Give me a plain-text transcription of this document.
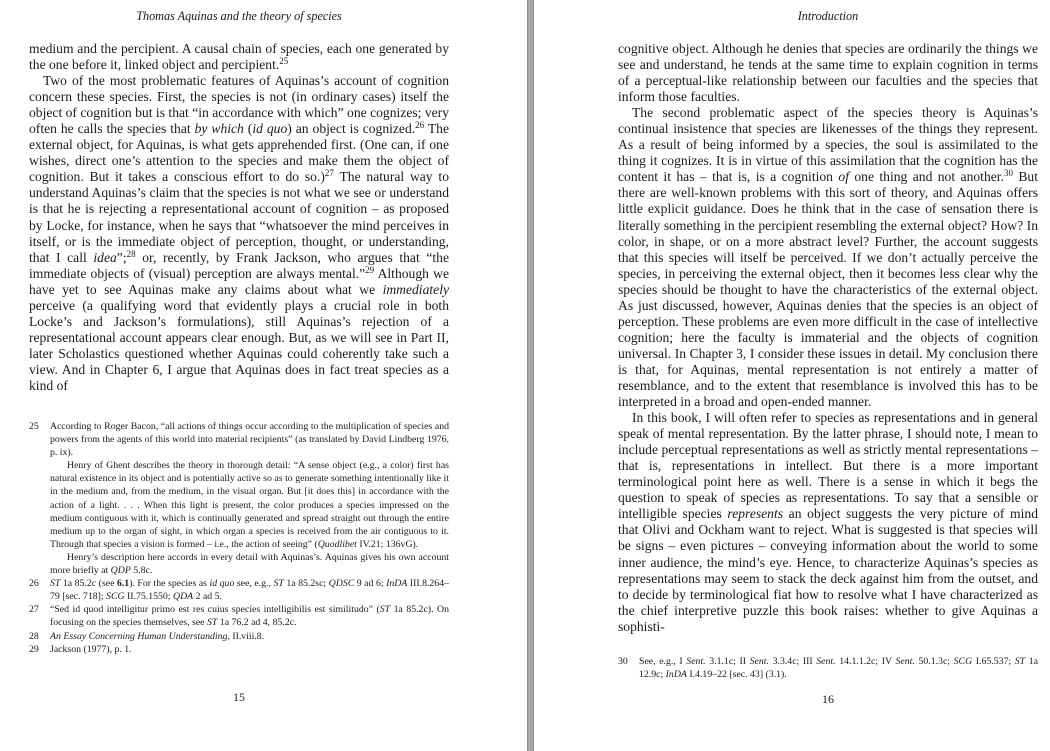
Thomas Aquinas and the theory of species

medium and the percipient. A causal chain of species, each one generated by the one before it, linked object and percipient.$^{25}$

Two of the most problematic features of Aquinas’s account of cognition concern these species. First, the species is not (in ordinary cases) itself the object of cognition but is that “in accordance with which” one cognizes; very often he calls the species that by which (id quo) an object is cognized.$^{26}$ The external object, for Aquinas, is what gets apprehended first. (One can, if one wishes, direct one’s attention to the species and make them the object of cognition. But it takes a conscious effort to do so.)$^{27}$ The natural way to understand Aquinas’s claim that the species is not what we see or understand is that he is rejecting a representational account of cognition – as proposed by Locke, for instance, when he says that “whatsoever the mind perceives in itself, or is the immediate object of perception, thought, or understanding, that I call idea”;$^{28}$ or, recently, by Frank Jackson, who argues that “the immediate objects of (visual) perception are always mental.”$^{29}$ Although we have yet to see Aquinas make any claims about what we immediately perceive (a qualifying word that evidently plays a crucial role in both Locke’s and Jackson’s formulations), still Aquinas’s rejection of a representational account appears clear enough. But, as we will see in Part II, later Scholastics questioned whether Aquinas could coherently take such a view. And in Chapter 6, I argue that Aquinas does in fact treat species as a kind of

25 According to Roger Bacon, “all actions of things occur according to the multiplication of species and powers from the agents of this world into material recipients” (as translated by David Lindberg 1976, p. ix).
Henry of Ghent describes the theory in thorough detail: “A sense object (e.g., a color) first has natural existence in its object and is potentially active so as to generate something intentionally like it in the medium and, from the medium, in the visual organ. But [it does this] in accordance with the action of a light. . . . When this light is present, the color produces a species impressed on the medium contiguous with it, which is continually generated and spread straight out through the entire medium up to the organ of sight, in which organ a species is received from the air contiguous to it. Through that species a vision is formed – i.e., the action of seeing” (Quodlibet IV.21; 136vG).
Henry’s description here accords in every detail with Aquinas’s. Aquinas gives his own account more briefly at QDP 5.8c.
26 ST 1a 85.2c (see 6.1). For the species as id quo see, e.g., ST 1a 85.2sc; QDSC 9 ad 6; InDA III.8.264–79 [sec. 718]; SCG II.75.1550; QDA 2 ad 5.
27 “Sed id quod intelligitur primo est res cuius species intelligibilis est similitudo” (ST 1a 85.2c). On focusing on the species themselves, see ST 1a 76.2 ad 4, 85.2c.
28 An Essay Concerning Human Understanding, II.viii.8.
29 Jackson (1977), p. 1.
15
Introduction

cognitive object. Although he denies that species are ordinarily the things we see and understand, he tends at the same time to explain cognition in terms of a perceptual-like relationship between our faculties and the species that inform those faculties.

The second problematic aspect of the species theory is Aquinas’s continual insistence that species are likenesses of the things they represent. As a result of being informed by a species, the soul is assimilated to the thing it cognizes. It is in virtue of this assimilation that the cognition has the content it has – that is, is a cognition of one thing and not another.$^{30}$ But there are well-known problems with this sort of theory, and Aquinas offers little explicit guidance. Does he think that in the case of sensation there is literally something in the percipient resembling the external object? How? In color, in shape, or on a more abstract level? Further, the account suggests that this species will itself be perceived. If we don’t actually perceive the species, in perceiving the external object, then it becomes less clear why the species should be thought to have the characteristics of the external object. As just discussed, however, Aquinas denies that the species is an object of perception. These problems are even more difficult in the case of intellective cognition; here the faculty is immaterial and the objects of cognition universal. In Chapter 3, I consider these issues in detail. My conclusion there is that, for Aquinas, mental representation is not entirely a matter of resemblance, and to the extent that resemblance is involved this has to be interpreted in a broad and open-ended manner.

In this book, I will often refer to species as representations and in general speak of mental representation. By the latter phrase, I should note, I mean to include perceptual representations as well as strictly mental representations – that is, representations in intellect. But there is a more important terminological point here as well. There is a sense in which it begs the question to speak of species as representations. To say that a sensible or intelligible species represents an object suggests the very picture of mind that Olivi and Ockham want to reject. What is suggested is that species will be signs – even pictures – conveying information about the world to some inner audience, the mind’s eye. Hence, to characterize Aquinas’s species as representations may seem to stack the deck against him from the outset, and to decide by terminological fiat how to resolve what I have characterized as the chief interpretive puzzle this book raises: whether to give Aquinas a sophisti-

30 See, e.g., I Sent. 3.1.1c; II Sent. 3.3.4c; III Sent. 14.1.1.2c; IV Sent. 50.1.3c; SCG I.65.537; ST 1a 12.9c; InDA I.4.19–22 [sec. 43] (3.1).
16
